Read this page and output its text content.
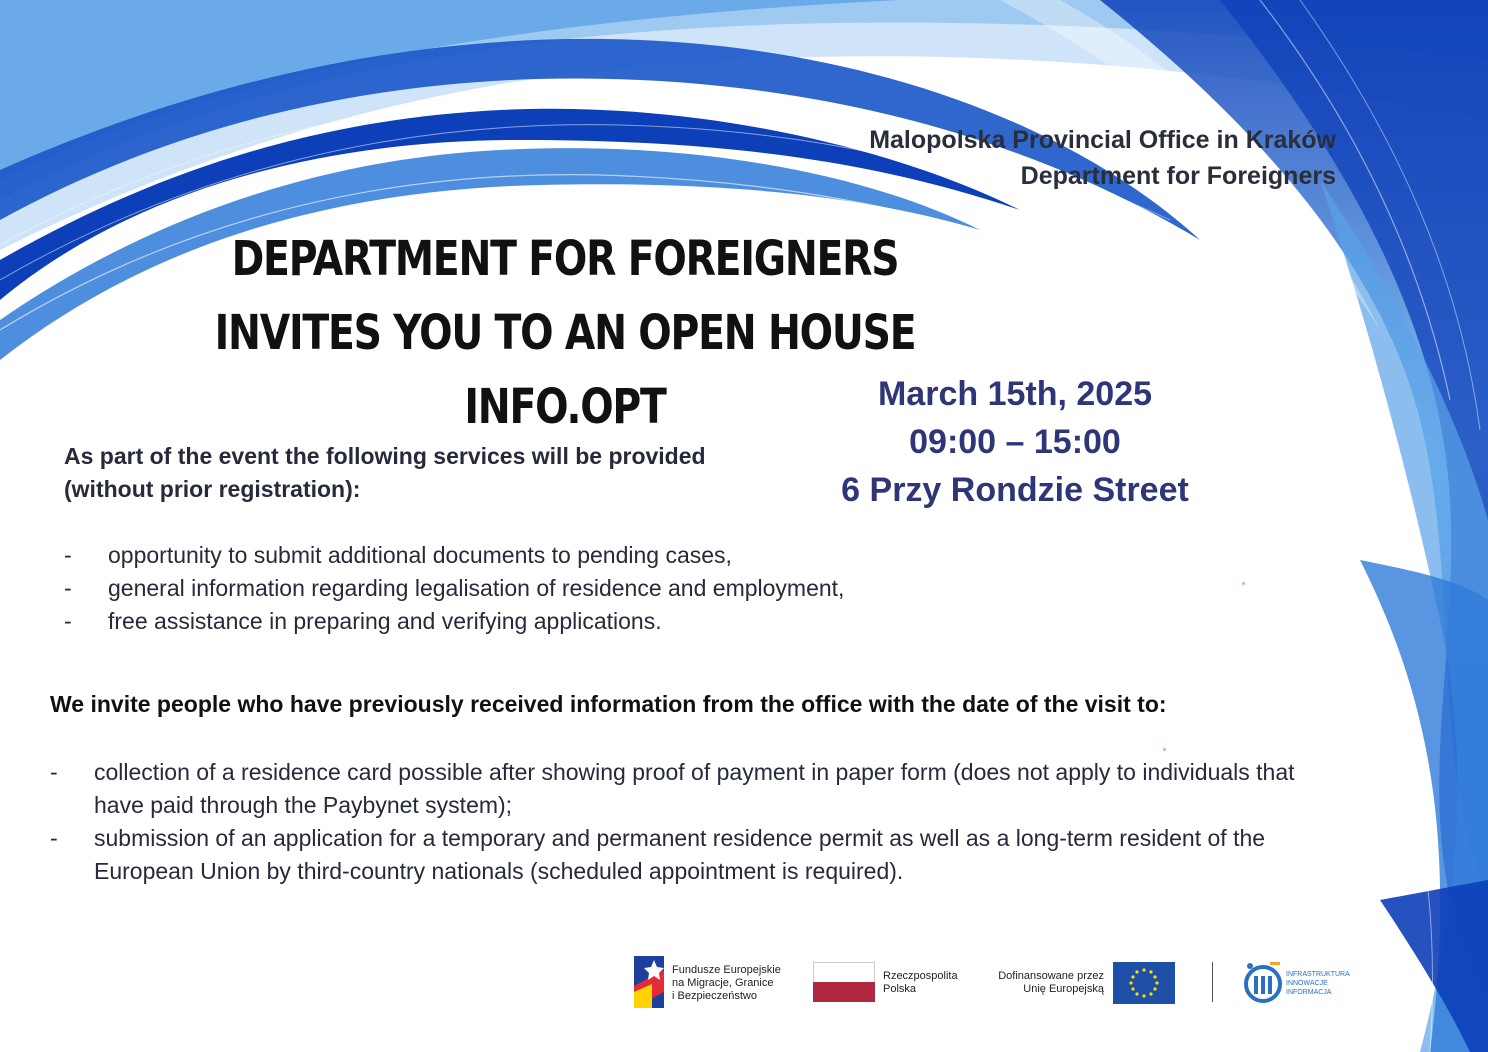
Malopolska Provincial Office in Kraków
Department for Foreigners
DEPARTMENT FOR FOREIGNERS
INVITES YOU TO AN OPEN HOUSE INFO.OPT	March 15th, 2025
09:00 – 15:00
6 Przy Rondzie Street
As part of the event the following services will be provided
(without prior registration):
- opportunity to submit additional documents to pending cases,
- general information regarding legalisation of residence and employment,
- free assistance in preparing and verifying applications.
We invite people who have previously received information from the office with the date of the visit to:
- collection of a residence card possible after showing proof of payment in paper form (does not apply to individuals that have paid through the Paybynet system);
- submission of an application for a temporary and permanent residence permit as well as a long-term resident of the European Union by third-country nationals (scheduled appointment is required).
Fundusze Europejskie
na Migracje, Granice
i Bezpieczeństwo
Rzeczpospolita
Polska
Dofinansowane przez
Unię Europejską
INFRASTRUKTURA
INNOWACJE
INFORMACJA
